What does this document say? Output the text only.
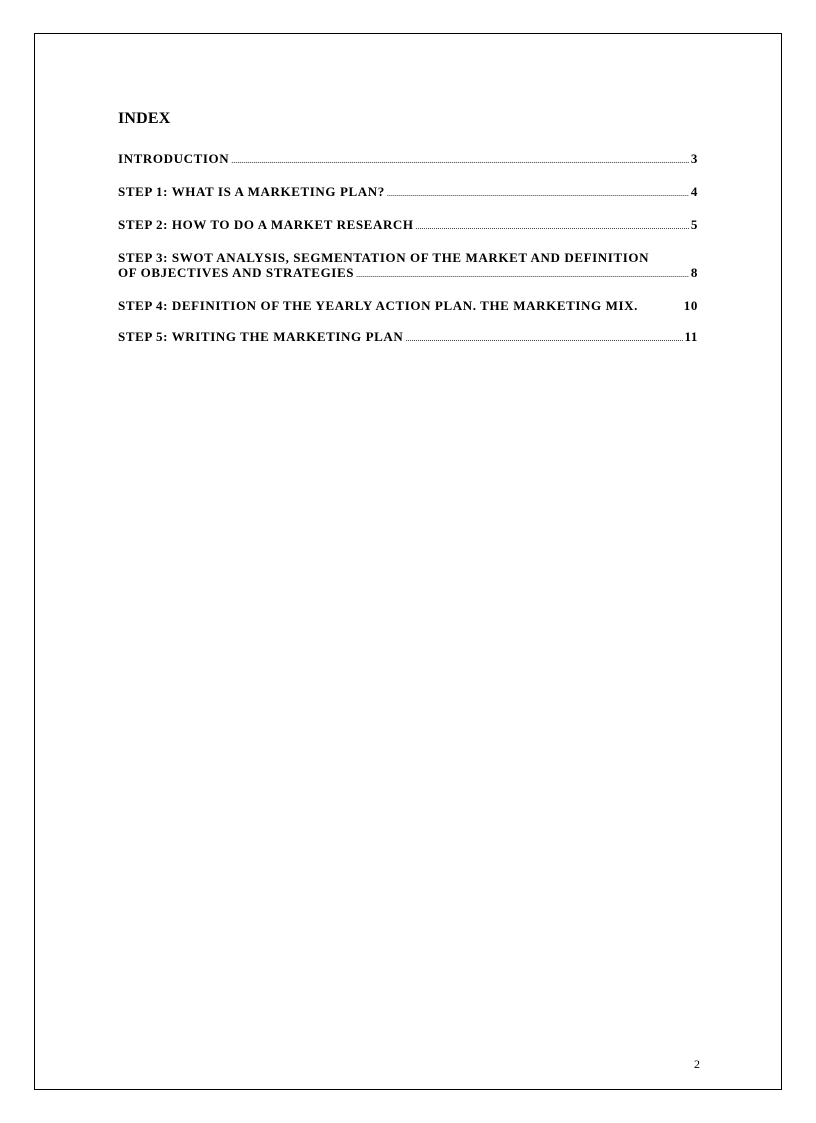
INDEX
INTRODUCTION .....	3
STEP 1: WHAT IS A MARKETING PLAN? .....	4
STEP 2: HOW TO DO A MARKET RESEARCH .....	5
STEP 3: SWOT ANALYSIS, SEGMENTATION OF THE MARKET AND DEFINITION
OF OBJECTIVES AND STRATEGIES .....	8
STEP 4: DEFINITION OF THE YEARLY ACTION PLAN. THE MARKETING MIX.	10
STEP 5: WRITING THE MARKETING PLAN .....	11
2
